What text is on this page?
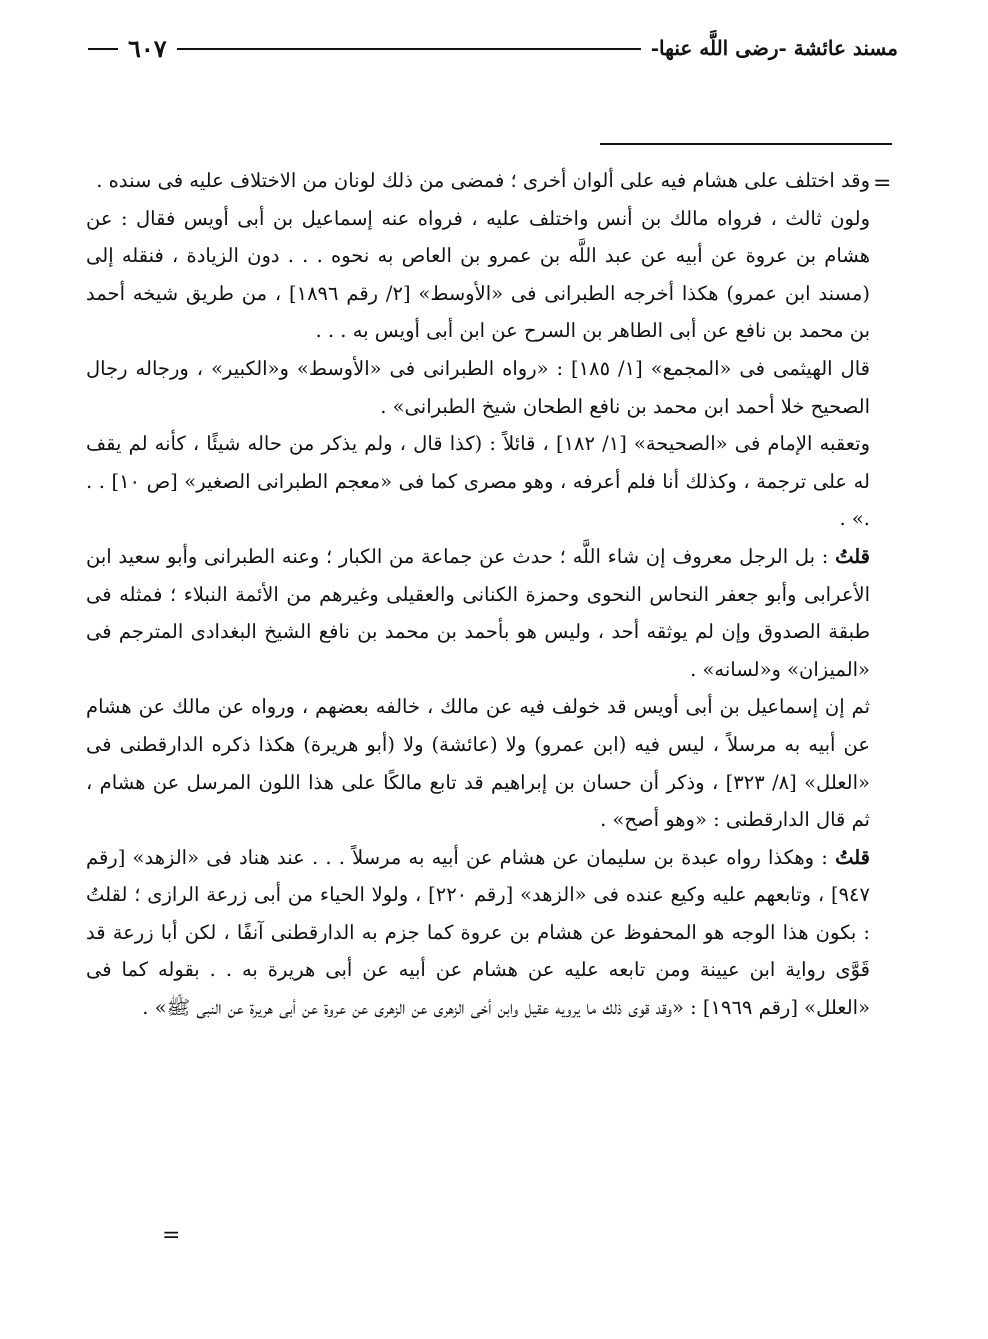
مسند عائشة -رضى اللَّه عنها-
٦٠٧
=

وقد اختلف على هشام فيه على ألوان أخرى ؛ فمضى من ذلك لونان من الاختلاف عليه فى سنده .

ولون ثالث ، فرواه مالك بن أنس واختلف عليه ، فرواه عنه إسماعيل بن أبى أويس فقال : عن هشام بن عروة عن أبيه عن عبد اللَّه بن عمرو بن العاص به نحوه . . . دون الزيادة ، فنقله إلى (مسند ابن عمرو) هكذا أخرجه الطبرانى فى «الأوسط» [٢/ رقم ١٨٩٦] ، من طريق شيخه أحمد بن محمد بن نافع عن أبى الطاهر بن السرح عن ابن أبى أويس به . . .

قال الهيثمى فى «المجمع» [١/ ١٨٥] : «رواه الطبرانى فى «الأوسط» و«الكبير» ، ورجاله رجال الصحيح خلا أحمد ابن محمد بن نافع الطحان شيخ الطبرانى» .

وتعقبه الإمام فى «الصحيحة» [١/ ١٨٢] ، قائلاً : (كذا قال ، ولم يذكر من حاله شيئًا ، كأنه لم يقف له على ترجمة ، وكذلك أنا فلم أعرفه ، وهو مصرى كما فى «معجم الطبرانى الصغير» [ص ١٠] . . .» .

قلتُ : بل الرجل معروف إن شاء اللَّه ؛ حدث عن جماعة من الكبار ؛ وعنه الطبرانى وأبو سعيد ابن الأعرابى وأبو جعفر النحاس النحوى وحمزة الكنانى والعقيلى وغيرهم من الأئمة النبلاء ؛ فمثله فى طبقة الصدوق وإن لم يوثقه أحد ، وليس هو بأحمد بن محمد بن نافع الشيخ البغدادى المترجم فى «الميزان» و«لسانه» .

ثم إن إسماعيل بن أبى أويس قد خولف فيه عن مالك ، خالفه بعضهم ، ورواه عن مالك عن هشام عن أبيه به مرسلاً ، ليس فيه (ابن عمرو) ولا (عائشة) ولا (أبو هريرة) هكذا ذكره الدارقطنى فى «العلل» [٨/ ٣٢٣] ، وذكر أن حسان بن إبراهيم قد تابع مالكًا على هذا اللون المرسل عن هشام ، ثم قال الدارقطنى : «وهو أصح» .

قلتُ : وهكذا رواه عبدة بن سليمان عن هشام عن أبيه به مرسلاً . . . عند هناد فى «الزهد» [رقم ٩٤٧] ، وتابعهم عليه وكيع عنده فى «الزهد» [رقم ٢٢٠] ، ولولا الحياء من أبى زرعة الرازى ؛ لقلتُ : بكون هذا الوجه هو المحفوظ عن هشام بن عروة كما جزم به الدارقطنى آنفًا ، لكن أبا زرعة قد قَوَّى رواية ابن عيينة ومن تابعه عليه عن هشام عن أبيه عن أبى هريرة به . . بقوله كما فى «العلل» [رقم ١٩٦٩] : «وقد قوى ذلك ما يرويه عقيل وابن أخى الزهرى عن الزهرى عن عروة عن أبى هريرة عن النبى ﷺ» .

=
